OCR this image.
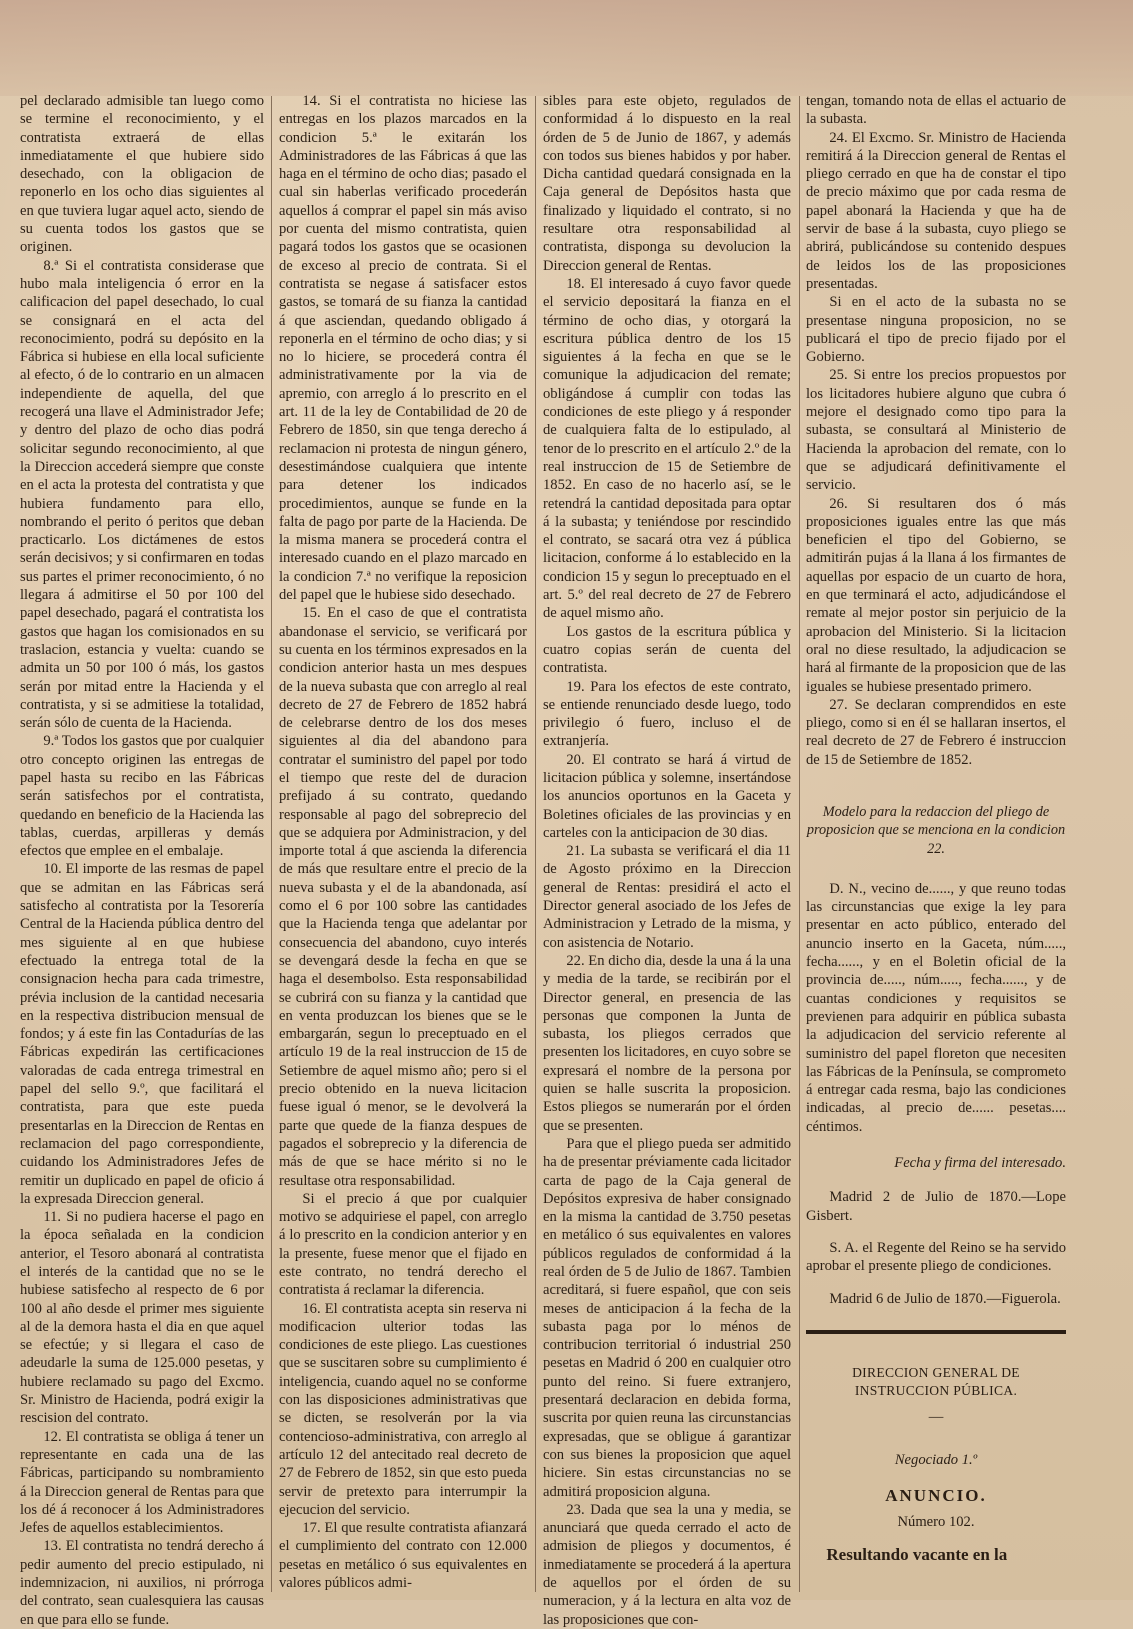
pel declarado admisible tan luego como se termine el reconocimiento, y el contratista extraerá de ellas inmediatamente el que hubiere sido desechado, con la obligacion de reponerlo en los ocho dias siguientes al en que tuviera lugar aquel acto, siendo de su cuenta todos los gastos que se originen.

8.ª Si el contratista considerase que hubo mala inteligencia ó error en la calificacion del papel desechado, lo cual se consignará en el acta del reconocimiento, podrá su depósito en la Fábrica si hubiese en ella local suficiente al efecto, ó de lo contrario en un almacen independiente de aquella, del que recogerá una llave el Administrador Jefe; y dentro del plazo de ocho dias podrá solicitar segundo reconocimiento, al que la Direccion accederá siempre que conste en el acta la protesta del contratista y que hubiera fundamento para ello, nombrando el perito ó peritos que deban practicarlo. Los dictámenes de estos serán decisivos; y si confirmaren en todas sus partes el primer reconocimiento, ó no llegara á admitirse el 50 por 100 del papel desechado, pagará el contratista los gastos que hagan los comisionados en su traslacion, estancia y vuelta: cuando se admita un 50 por 100 ó más, los gastos serán por mitad entre la Hacienda y el contratista, y si se admitiese la totalidad, serán sólo de cuenta de la Hacienda.

9.ª Todos los gastos que por cualquier otro concepto originen las entregas de papel hasta su recibo en las Fábricas serán satisfechos por el contratista, quedando en beneficio de la Hacienda las tablas, cuerdas, arpilleras y demás efectos que emplee en el embalaje.

10. El importe de las resmas de papel que se admitan en las Fábricas será satisfecho al contratista por la Tesorería Central de la Hacienda pública dentro del mes siguiente al en que hubiese efectuado la entrega total de la consignacion hecha para cada trimestre, prévia inclusion de la cantidad necesaria en la respectiva distribucion mensual de fondos; y á este fin las Contadurías de las Fábricas expedirán las certificaciones valoradas de cada entrega trimestral en papel del sello 9.º, que facilitará el contratista, para que este pueda presentarlas en la Direccion de Rentas en reclamacion del pago correspondiente, cuidando los Administradores Jefes de remitir un duplicado en papel de oficio á la expresada Direccion general.

11. Si no pudiera hacerse el pago en la época señalada en la condicion anterior, el Tesoro abonará al contratista el interés de la cantidad que no se le hubiese satisfecho al respecto de 6 por 100 al año desde el primer mes siguiente al de la demora hasta el dia en que aquel se efectúe; y si llegara el caso de adeudarle la suma de 125.000 pesetas, y hubiere reclamado su pago del Excmo. Sr. Ministro de Hacienda, podrá exigir la rescision del contrato.

12. El contratista se obliga á tener un representante en cada una de las Fábricas, participando su nombramiento á la Direccion general de Rentas para que los dé á reconocer á los Administradores Jefes de aquellos establecimientos.

13. El contratista no tendrá derecho á pedir aumento del precio estipulado, ni indemnizacion, ni auxilios, ni prórroga del contrato, sean cualesquiera las causas en que para ello se funde.

14. Si el contratista no hiciese las entregas en los plazos marcados en la condicion 5.ª le exitarán los Administradores de las Fábricas á que las haga en el término de ocho dias; pasado el cual sin haberlas verificado procederán aquellos á comprar el papel sin más aviso por cuenta del mismo contratista, quien pagará todos los gastos que se ocasionen de exceso al precio de contrata. Si el contratista se negase á satisfacer estos gastos, se tomará de su fianza la cantidad á que asciendan, quedando obligado á reponerla en el término de ocho dias; y si no lo hiciere, se procederá contra él administrativamente por la via de apremio, con arreglo á lo prescrito en el art. 11 de la ley de Contabilidad de 20 de Febrero de 1850, sin que tenga derecho á reclamacion ni protesta de ningun género, desestimándose cualquiera que intente para detener los indicados procedimientos, aunque se funde en la falta de pago por parte de la Hacienda. De la misma manera se procederá contra el interesado cuando en el plazo marcado en la condicion 7.ª no verifique la reposicion del papel que le hubiese sido desechado.

15. En el caso de que el contratista abandonase el servicio, se verificará por su cuenta en los términos expresados en la condicion anterior hasta un mes despues de la nueva subasta que con arreglo al real decreto de 27 de Febrero de 1852 habrá de celebrarse dentro de los dos meses siguientes al dia del abandono para contratar el suministro del papel por todo el tiempo que reste del de duracion prefijado á su contrato, quedando responsable al pago del sobreprecio del que se adquiera por Administracion, y del importe total á que ascienda la diferencia de más que resultare entre el precio de la nueva subasta y el de la abandonada, así como el 6 por 100 sobre las cantidades que la Hacienda tenga que adelantar por consecuencia del abandono, cuyo interés se devengará desde la fecha en que se haga el desembolso. Esta responsabilidad se cubrirá con su fianza y la cantidad que en venta produzcan los bienes que se le embargarán, segun lo preceptuado en el artículo 19 de la real instruccion de 15 de Setiembre de aquel mismo año; pero si el precio obtenido en la nueva licitacion fuese igual ó menor, se le devolverá la parte que quede de la fianza despues de pagados el sobreprecio y la diferencia de más de que se hace mérito si no le resultase otra responsabilidad.

Si el precio á que por cualquier motivo se adquiriese el papel, con arreglo á lo prescrito en la condicion anterior y en la presente, fuese menor que el fijado en este contrato, no tendrá derecho el contratista á reclamar la diferencia.

16. El contratista acepta sin reserva ni modificacion ulterior todas las condiciones de este pliego. Las cuestiones que se suscitaren sobre su cumplimiento é inteligencia, cuando aquel no se conforme con las disposiciones administrativas que se dicten, se resolverán por la via contencioso-administrativa, con arreglo al artículo 12 del antecitado real decreto de 27 de Febrero de 1852, sin que esto pueda servir de pretexto para interrumpir la ejecucion del servicio.

17. El que resulte contratista afianzará el cumplimiento del contrato con 12.000 pesetas en metálico ó sus equivalentes en valores públicos admi-

sibles para este objeto, regulados de conformidad á lo dispuesto en la real órden de 5 de Junio de 1867, y además con todos sus bienes habidos y por haber. Dicha cantidad quedará consignada en la Caja general de Depósitos hasta que finalizado y liquidado el contrato, si no resultare otra responsabilidad al contratista, disponga su devolucion la Direccion general de Rentas.

18. El interesado á cuyo favor quede el servicio depositará la fianza en el término de ocho dias, y otorgará la escritura pública dentro de los 15 siguientes á la fecha en que se le comunique la adjudicacion del remate; obligándose á cumplir con todas las condiciones de este pliego y á responder de cualquiera falta de lo estipulado, al tenor de lo prescrito en el artículo 2.º de la real instruccion de 15 de Setiembre de 1852. En caso de no hacerlo así, se le retendrá la cantidad depositada para optar á la subasta; y teniéndose por rescindido el contrato, se sacará otra vez á pública licitacion, conforme á lo establecido en la condicion 15 y segun lo preceptuado en el art. 5.º del real decreto de 27 de Febrero de aquel mismo año.

Los gastos de la escritura pública y cuatro copias serán de cuenta del contratista.

19. Para los efectos de este contrato, se entiende renunciado desde luego, todo privilegio ó fuero, incluso el de extranjería.

20. El contrato se hará á virtud de licitacion pública y solemne, insertándose los anuncios oportunos en la Gaceta y Boletines oficiales de las provincias y en carteles con la anticipacion de 30 dias.

21. La subasta se verificará el dia 11 de Agosto próximo en la Direccion general de Rentas: presidirá el acto el Director general asociado de los Jefes de Administracion y Letrado de la misma, y con asistencia de Notario.

22. En dicho dia, desde la una á la una y media de la tarde, se recibirán por el Director general, en presencia de las personas que componen la Junta de subasta, los pliegos cerrados que presenten los licitadores, en cuyo sobre se expresará el nombre de la persona por quien se halle suscrita la proposicion. Estos pliegos se numerarán por el órden que se presenten.

Para que el pliego pueda ser admitido ha de presentar préviamente cada licitador carta de pago de la Caja general de Depósitos expresiva de haber consignado en la misma la cantidad de 3.750 pesetas en metálico ó sus equivalentes en valores públicos regulados de conformidad á la real órden de 5 de Julio de 1867. Tambien acreditará, si fuere español, que con seis meses de anticipacion á la fecha de la subasta paga por lo ménos de contribucion territorial ó industrial 250 pesetas en Madrid ó 200 en cualquier otro punto del reino. Si fuere extranjero, presentará declaracion en debida forma, suscrita por quien reuna las circunstancias expresadas, que se obligue á garantizar con sus bienes la proposicion que aquel hiciere. Sin estas circunstancias no se admitirá proposicion alguna.

23. Dada que sea la una y media, se anunciará que queda cerrado el acto de admision de pliegos y documentos, é inmediatamente se procederá á la apertura de aquellos por el órden de su numeracion, y á la lectura en alta voz de las proposiciones que con-

tengan, tomando nota de ellas el actuario de la subasta.

24. El Excmo. Sr. Ministro de Hacienda remitirá á la Direccion general de Rentas el pliego cerrado en que ha de constar el tipo de precio máximo que por cada resma de papel abonará la Hacienda y que ha de servir de base á la subasta, cuyo pliego se abrirá, publicándose su contenido despues de leidos los de las proposiciones presentadas.

Si en el acto de la subasta no se presentase ninguna proposicion, no se publicará el tipo de precio fijado por el Gobierno.

25. Si entre los precios propuestos por los licitadores hubiere alguno que cubra ó mejore el designado como tipo para la subasta, se consultará al Ministerio de Hacienda la aprobacion del remate, con lo que se adjudicará definitivamente el servicio.

26. Si resultaren dos ó más proposiciones iguales entre las que más beneficien el tipo del Gobierno, se admitirán pujas á la llana á los firmantes de aquellas por espacio de un cuarto de hora, en que terminará el acto, adjudicándose el remate al mejor postor sin perjuicio de la aprobacion del Ministerio. Si la licitacion oral no diese resultado, la adjudicacion se hará al firmante de la proposicion que de las iguales se hubiese presentado primero.

27. Se declaran comprendidos en este pliego, como si en él se hallaran insertos, el real decreto de 27 de Febrero é instruccion de 15 de Setiembre de 1852.

Modelo para la redaccion del pliego de proposicion que se menciona en la condicion 22.

D. N., vecino de......, y que reuno todas las circunstancias que exige la ley para presentar en acto público, enterado del anuncio inserto en la Gaceta, núm....., fecha......, y en el Boletin oficial de la provincia de....., núm....., fecha......, y de cuantas condiciones y requisitos se previenen para adquirir en pública subasta la adjudicacion del servicio referente al suministro del papel floreton que necesiten las Fábricas de la Península, se comprometo á entregar cada resma, bajo las condiciones indicadas, al precio de...... pesetas.... céntimos.

Fecha y firma del interesado.

Madrid 2 de Julio de 1870.—Lope Gisbert.

S. A. el Regente del Reino se ha servido aprobar el presente pliego de condiciones.

Madrid 6 de Julio de 1870.—Figuerola.

DIRECCION GENERAL DE INSTRUCCION PÚBLICA.

—

Negociado 1.º

ANUNCIO.

Número 102.

Resultando vacante en la
